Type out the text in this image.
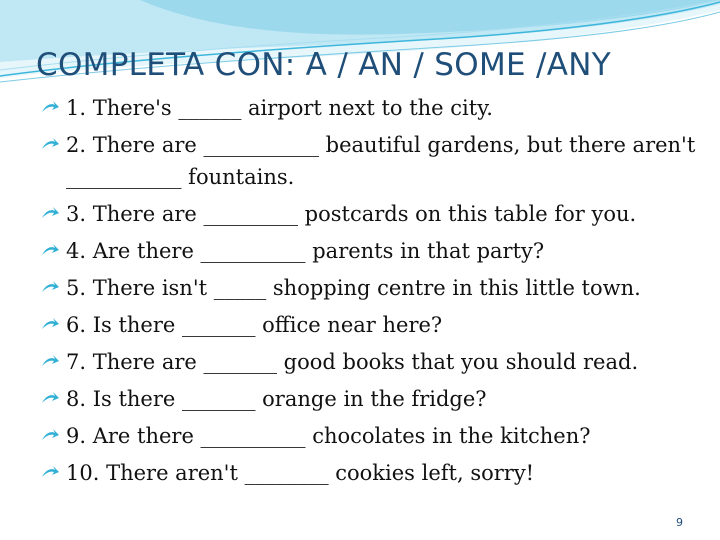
COMPLETA CON: A / AN / SOME /ANY
1. There's ______ airport next to the city.
2. There are ___________ beautiful gardens, but there aren't ___________ fountains.
3. There are _________ postcards on this table for you.
4. Are there __________ parents in that party?
5. There isn't _____ shopping centre in this little town.
6. Is there _______ office near here?
7. There are _______ good books that you should read.
8. Is there _______ orange in the fridge?
9. Are there __________ chocolates in the kitchen?
10. There aren't ________ cookies left, sorry!
9
